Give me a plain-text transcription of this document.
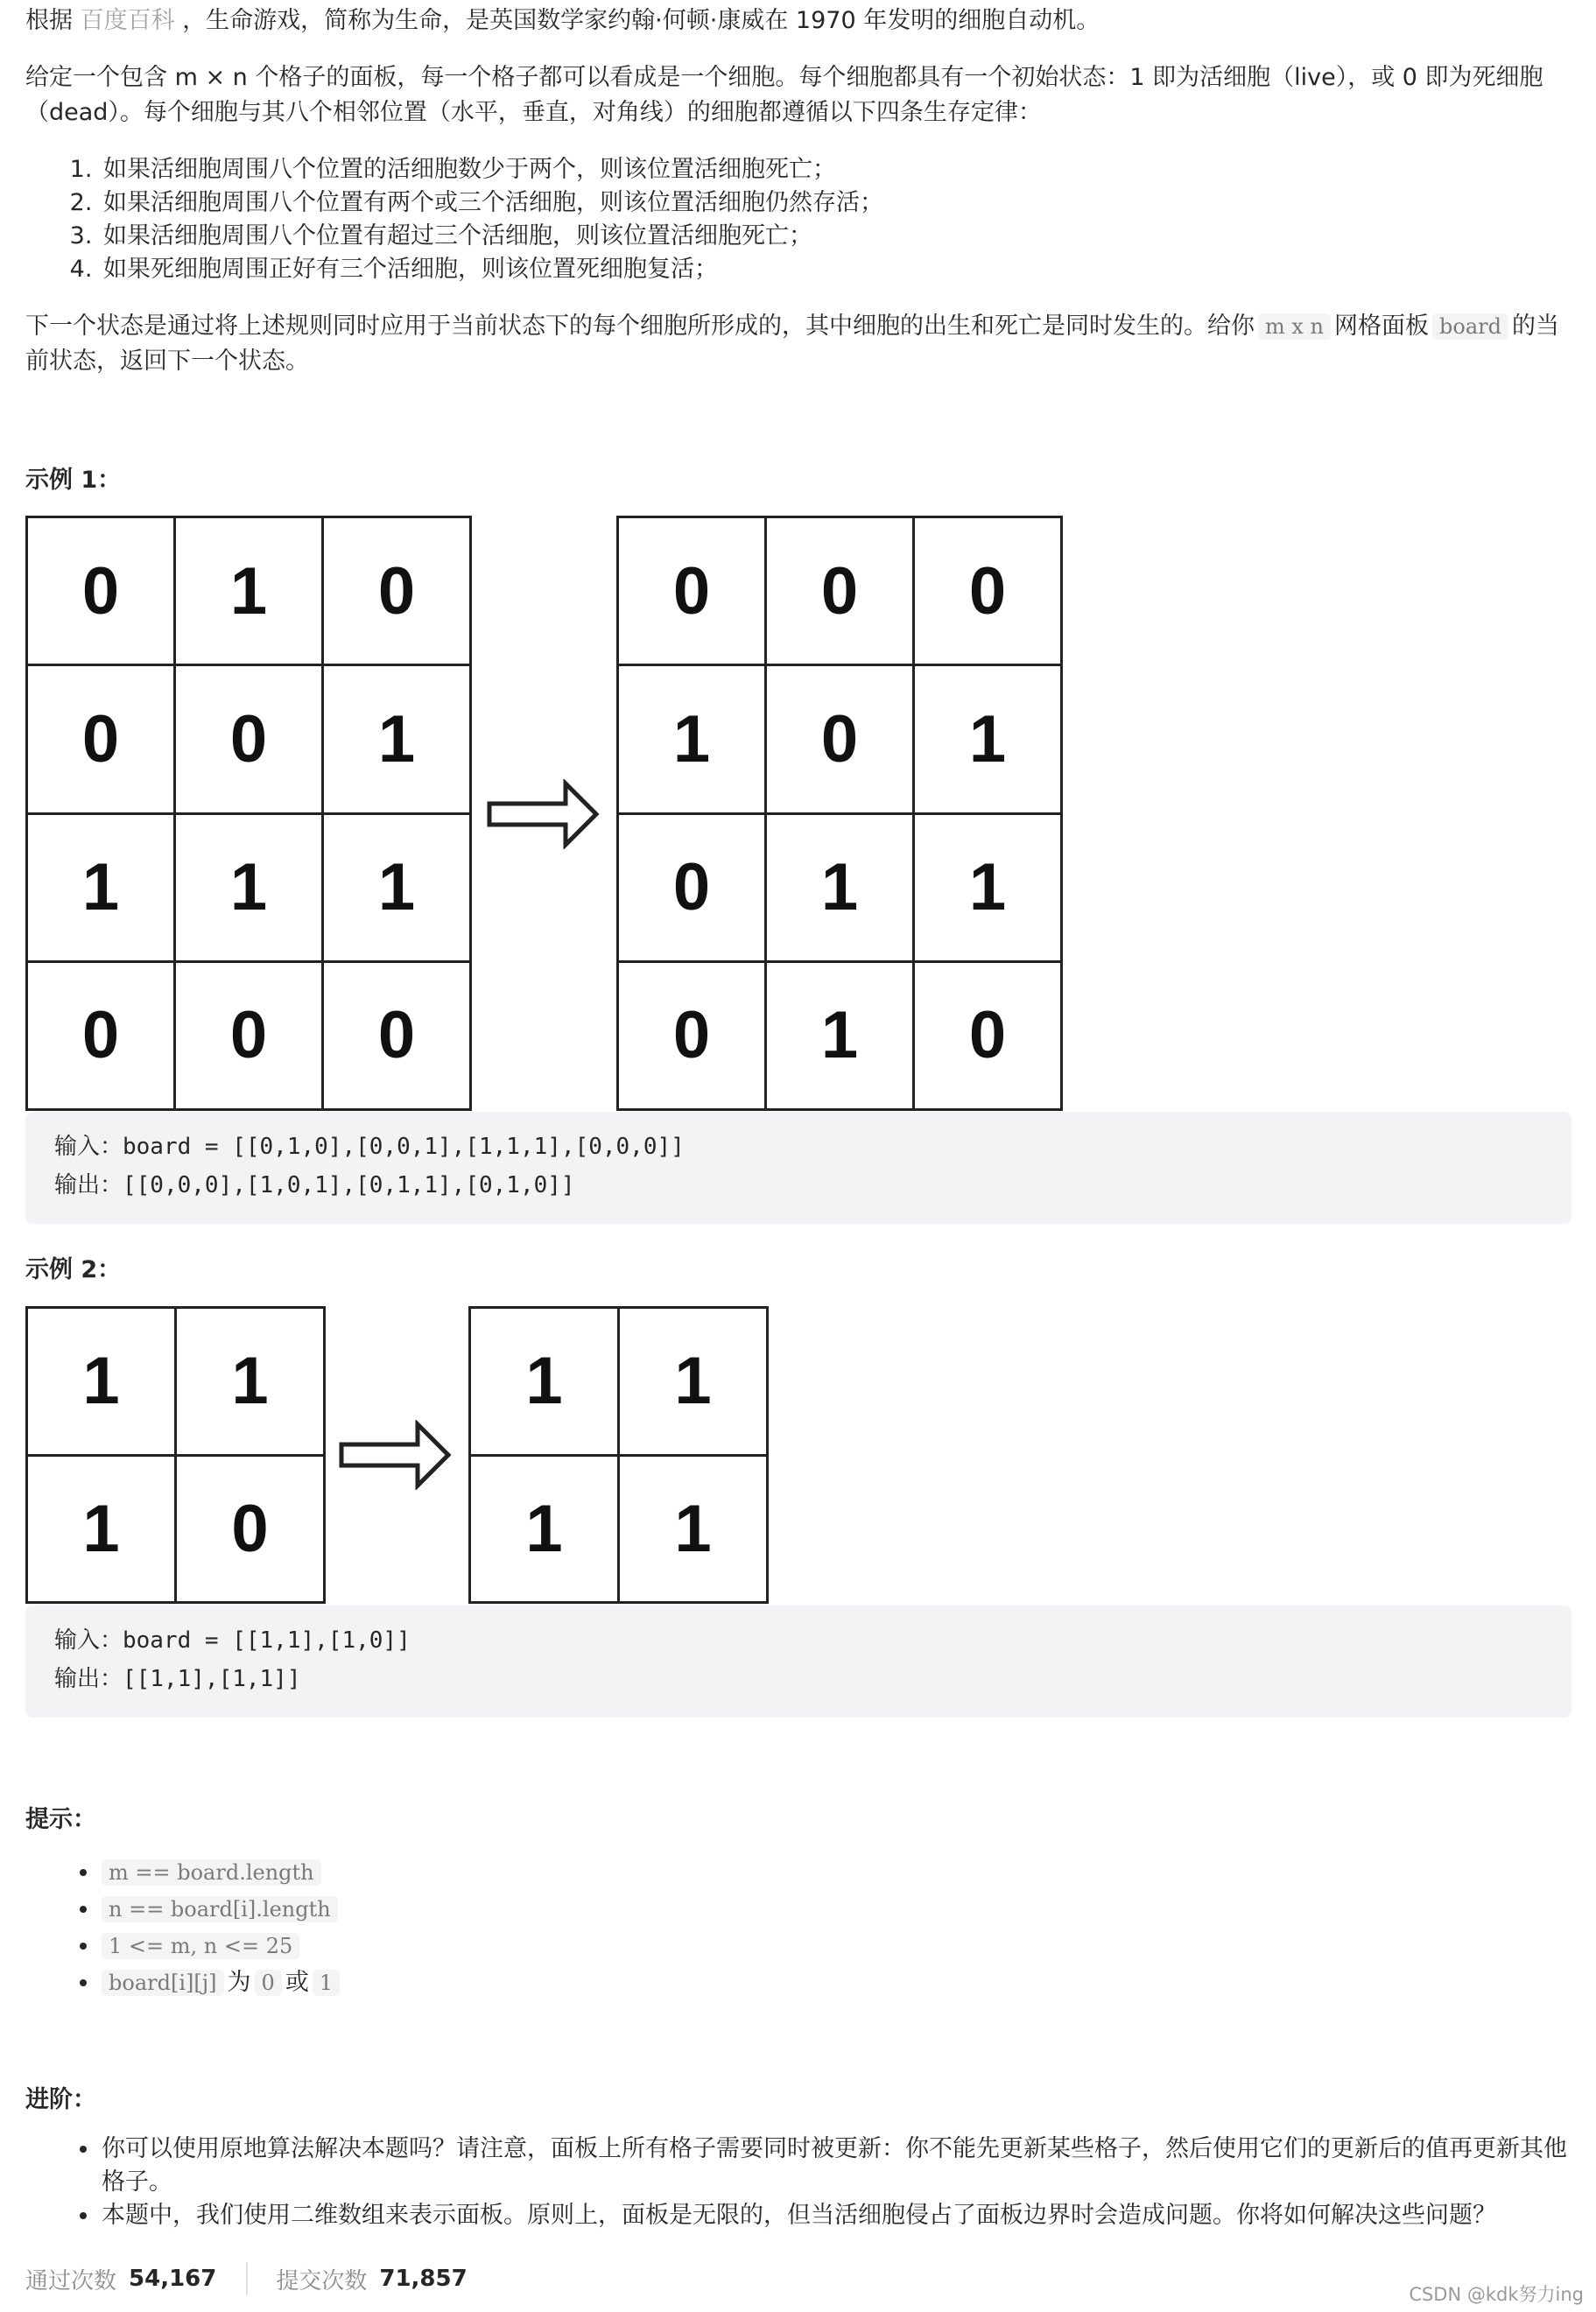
根据 百度百科 ，生命游戏，简称为生命，是英国数学家约翰·何顿·康威在 1970 年发明的细胞自动机。

给定一个包含 m × n 个格子的面板，每一个格子都可以看成是一个细胞。每个细胞都具有一个初始状态：1 即为活细胞（live），或 0 即为死细胞（dead）。每个细胞与其八个相邻位置（水平，垂直，对角线）的细胞都遵循以下四条生存定律：

1. 如果活细胞周围八个位置的活细胞数少于两个，则该位置活细胞死亡；
2. 如果活细胞周围八个位置有两个或三个活细胞，则该位置活细胞仍然存活；
3. 如果活细胞周围八个位置有超过三个活细胞，则该位置活细胞死亡；
4. 如果死细胞周围正好有三个活细胞，则该位置死细胞复活；

下一个状态是通过将上述规则同时应用于当前状态下的每个细胞所形成的，其中细胞的出生和死亡是同时发生的。给你 m x n 网格面板 board 的当前状态，返回下一个状态。

示例 1：
0	1	0
0	0	1
1	1	1
0	0	0
0	0	0
1	0	1
0	1	1
0	1	0
输入：board = [[0,1,0],[0,0,1],[1,1,1],[0,0,0]]
输出：[[0,0,0],[1,0,1],[0,1,1],[0,1,0]]
示例 2：
1	1
1	0
1	1
1	1
输入：board = [[1,1],[1,0]]
输出：[[1,1],[1,1]]
提示：
• m == board.length
• n == board[i].length
• 1 <= m, n <= 25
• board[i][j] 为 0 或 1
进阶：
• 你可以使用原地算法解决本题吗？请注意，面板上所有格子需要同时被更新：你不能先更新某些格子，然后使用它们的更新后的值再更新其他格子。
• 本题中，我们使用二维数组来表示面板。原则上，面板是无限的，但当活细胞侵占了面板边界时会造成问题。你将如何解决这些问题？
通过次数 54,167	提交次数 71,857
CSDN @kdk努力ing
